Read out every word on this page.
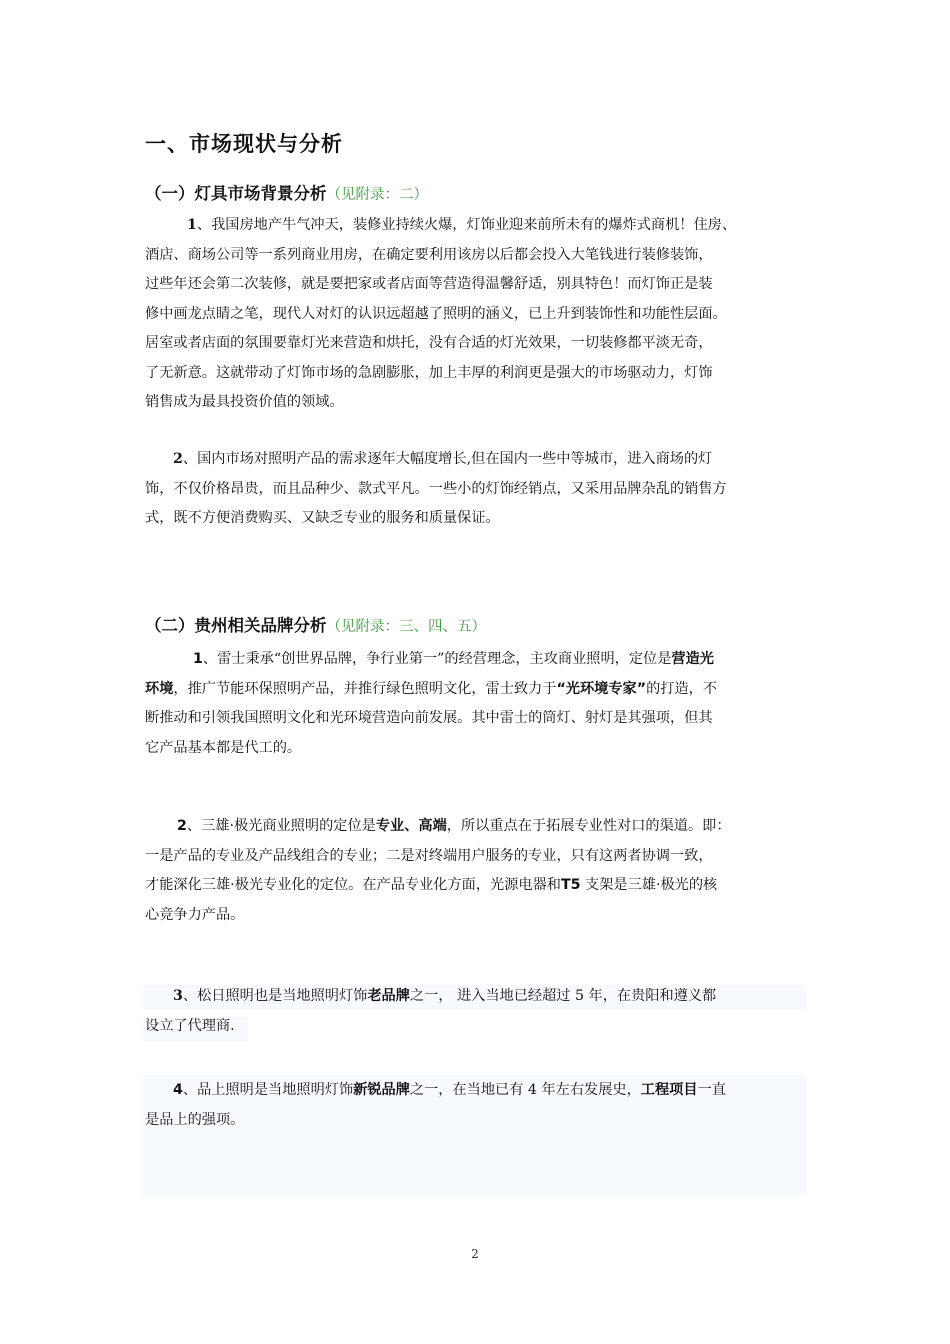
一、市场现状与分析
（一）灯具市场背景分析（见附录：二）
1、我国房地产牛气冲天，装修业持续火爆，灯饰业迎来前所未有的爆炸式商机！住房、
酒店、商场公司等一系列商业用房，在确定要利用该房以后都会投入大笔钱进行装修装饰，
过些年还会第二次装修，就是要把家或者店面等营造得温馨舒适，别具特色！而灯饰正是装
修中画龙点睛之笔，现代人对灯的认识远超越了照明的涵义，已上升到装饰性和功能性层面。
居室或者店面的氛围要靠灯光来营造和烘托，没有合适的灯光效果，一切装修都平淡无奇，
了无新意。这就带动了灯饰市场的急剧膨胀，加上丰厚的利润更是强大的市场驱动力，灯饰
销售成为最具投资价值的领域。
2、国内市场对照明产品的需求逐年大幅度增长,但在国内一些中等城市，进入商场的灯
饰，不仅价格昂贵，而且品种少、款式平凡。一些小的灯饰经销点，又采用品牌杂乱的销售方
式，既不方便消费购买、又缺乏专业的服务和质量保证。
（二）贵州相关品牌分析（见附录：三、四、五）
1、雷士秉承“创世界品牌，争行业第一”的经营理念，主攻商业照明，定位是营造光
环境，推广节能环保照明产品，并推行绿色照明文化，雷士致力于“光环境专家”的打造，不
断推动和引领我国照明文化和光环境营造向前发展。其中雷士的筒灯、射灯是其强项，但其
它产品基本都是代工的。
2、三雄·极光商业照明的定位是专业、高端，所以重点在于拓展专业性对口的渠道。即：
一是产品的专业及产品线组合的专业；二是对终端用户服务的专业，只有这两者协调一致，
才能深化三雄·极光专业化的定位。在产品专业化方面，光源电器和T5 支架是三雄·极光的核
心竞争力产品。
3、松日照明也是当地照明灯饰老品牌之一， 进入当地已经超过 5 年，在贵阳和遵义都
设立了代理商.
4、品上照明是当地照明灯饰新锐品牌之一，在当地已有 4 年左右发展史，工程项目一直
是品上的强项。
2
